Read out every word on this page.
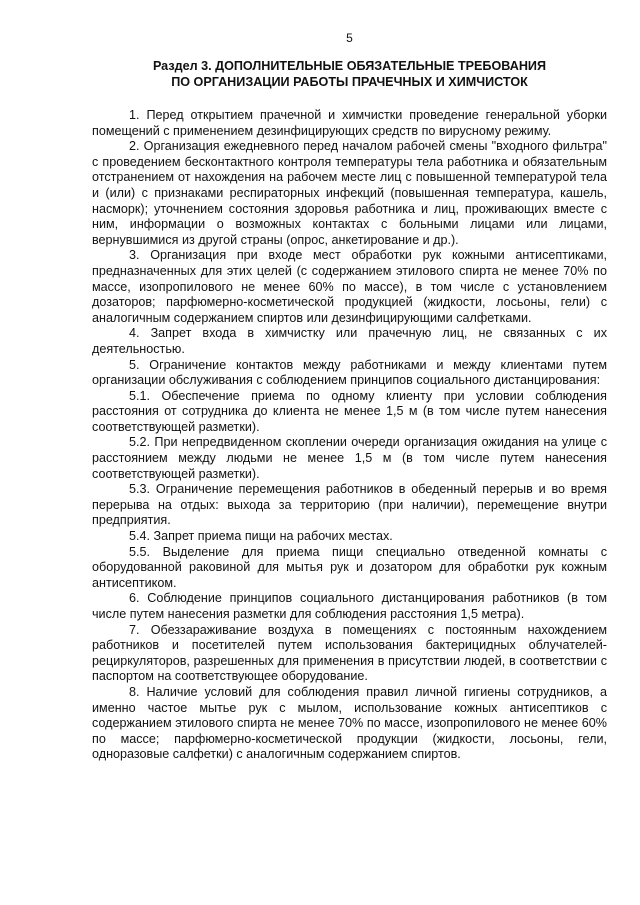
5
Раздел 3. ДОПОЛНИТЕЛЬНЫЕ ОБЯЗАТЕЛЬНЫЕ ТРЕБОВАНИЯ
ПО ОРГАНИЗАЦИИ РАБОТЫ ПРАЧЕЧНЫХ И ХИМЧИСТОК

1. Перед открытием прачечной и химчистки проведение генеральной уборки помещений с применением дезинфицирующих средств по вирусному режиму.

2. Организация ежедневного перед началом рабочей смены "входного фильтра" с проведением бесконтактного контроля температуры тела работника и обязательным отстранением от нахождения на рабочем месте лиц с повышенной температурой тела и (или) с признаками респираторных инфекций (повышенная температура, кашель, насморк); уточнением состояния здоровья работника и лиц, проживающих вместе с ним, информации о возможных контактах с больными лицами или лицами, вернувшимися из другой страны (опрос, анкетирование и др.).

3. Организация при входе мест обработки рук кожными антисептиками, предназначенных для этих целей (с содержанием этилового спирта не менее 70% по массе, изопропилового не менее 60% по массе), в том числе с установлением дозаторов; парфюмерно-косметической продукцией (жидкости, лосьоны, гели) с аналогичным содержанием спиртов или дезинфицирующими салфетками.

4. Запрет входа в химчистку или прачечную лиц, не связанных с их деятельностью.

5. Ограничение контактов между работниками и между клиентами путем организации обслуживания с соблюдением принципов социального дистанцирования:

5.1. Обеспечение приема по одному клиенту при условии соблюдения расстояния от сотрудника до клиента не менее 1,5 м (в том числе путем нанесения соответствующей разметки).

5.2. При непредвиденном скоплении очереди организация ожидания на улице с расстоянием между людьми не менее 1,5 м (в том числе путем нанесения соответствующей разметки).

5.3. Ограничение перемещения работников в обеденный перерыв и во время перерыва на отдых: выхода за территорию (при наличии), перемещение внутри предприятия.

5.4. Запрет приема пищи на рабочих местах.

5.5. Выделение для приема пищи специально отведенной комнаты с оборудованной раковиной для мытья рук и дозатором для обработки рук кожным антисептиком.

6. Соблюдение принципов социального дистанцирования работников (в том числе путем нанесения разметки для соблюдения расстояния 1,5 метра).

7. Обеззараживание воздуха в помещениях с постоянным нахождением работников и посетителей путем использования бактерицидных облучателей-рециркуляторов, разрешенных для применения в присутствии людей, в соответствии с паспортом на соответствующее оборудование.

8. Наличие условий для соблюдения правил личной гигиены сотрудников, а именно частое мытье рук с мылом, использование кожных антисептиков с содержанием этилового спирта не менее 70% по массе, изопропилового не менее 60% по массе; парфюмерно-косметической продукции (жидкости, лосьоны, гели, одноразовые салфетки) с аналогичным содержанием спиртов.
